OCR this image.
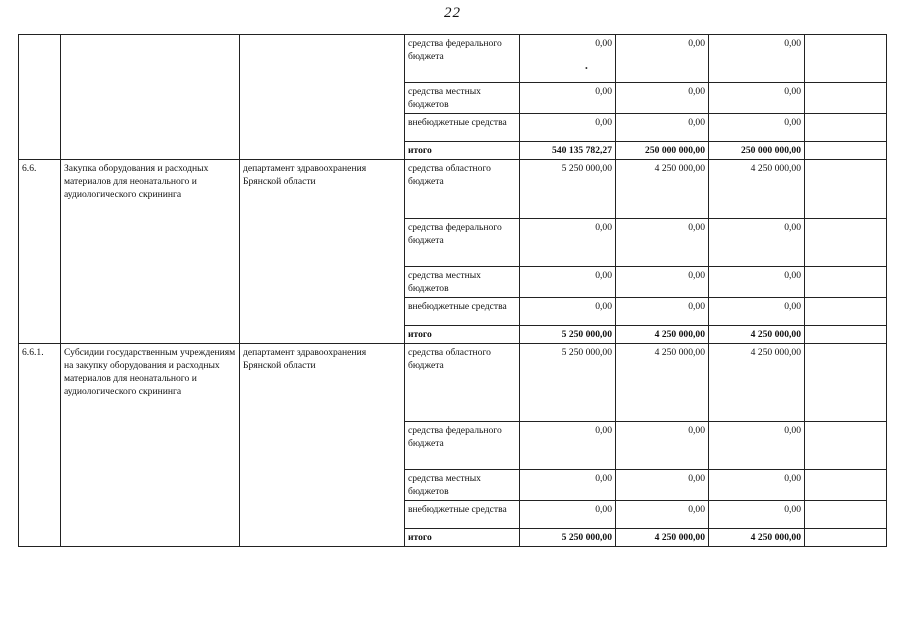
22
			средства федерального бюджета	0,00	0,00	0,00	
			средства местных бюджетов	0,00	0,00	0,00	
			внебюджетные средства	0,00	0,00	0,00	
			итого	540 135 782,27	250 000 000,00	250 000 000,00	
6.6.	Закупка оборудования и расходных материалов для неонатального и аудиологического скрининга	департамент здравоохранения Брянской области	средства областного бюджета	5 250 000,00	4 250 000,00	4 250 000,00	
			средства федерального бюджета	0,00	0,00	0,00	
			средства местных бюджетов	0,00	0,00	0,00	
			внебюджетные средства	0,00	0,00	0,00	
			итого	5 250 000,00	4 250 000,00	4 250 000,00	
6.6.1.	Субсидии государственным учреждениям на закупку оборудования и расходных материалов для неонатального и аудиологического скрининга	департамент здравоохранения Брянской области	средства областного бюджета	5 250 000,00	4 250 000,00	4 250 000,00	
			средства федерального бюджета	0,00	0,00	0,00	
			средства местных бюджетов	0,00	0,00	0,00	
			внебюджетные средства	0,00	0,00	0,00	
			итого	5 250 000,00	4 250 000,00	4 250 000,00	
•
